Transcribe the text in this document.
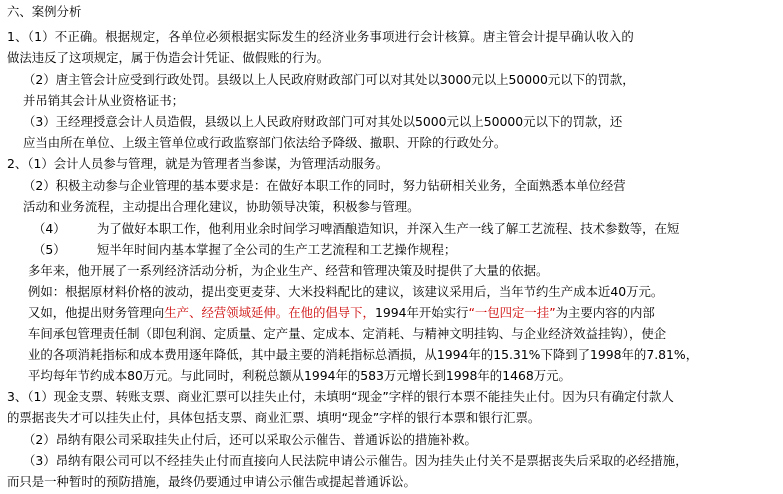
六、案例分析
1、（1）不正确。根据规定，各单位必须根据实际发生的经济业务事项进行会计核算。唐主管会计提早确认收入的
做法违反了这项规定，属于伪造会计凭证、做假账的行为。
（2）唐主管会计应受到行政处罚。县级以上人民政府财政部门可以对其处以3000元以上50000元以下的罚款，
并吊销其会计从业资格证书；
（3）王经理授意会计人员造假，县级以上人民政府财政部门可对其处以5000元以上50000元以下的罚款，还
应当由所在单位、上级主管单位或行政监察部门依法给予降级、撤职、开除的行政处分。
2、（1）会计人员参与管理，就是为管理者当参谋，为管理活动服务。
（2）积极主动参与企业管理的基本要求是：在做好本职工作的同时，努力钻研相关业务，全面熟悉本单位经营
活动和业务流程，主动提出合理化建议，协助领导决策，积极参与管理。
（4）	为了做好本职工作，他利用业余时间学习啤酒酿造知识，并深入生产一线了解工艺流程、技术参数等，在短
（5）	短半年时间内基本掌握了全公司的生产工艺流程和工艺操作规程；
多年来，他开展了一系列经济活动分析，为企业生产、经营和管理决策及时提供了大量的依据。
例如：根据原材料价格的波动，提出变更麦芽、大米投料配比的建议，该建议采用后，当年节约生产成本近40万元。
又如，他提出财务管理向生产、经营领域延伸。在他的倡导下，1994年开始实行“一包四定一挂”为主要内容的内部
车间承包管理责任制（即包利润、定质量、定产量、定成本、定消耗、与精神文明挂钩、与企业经济效益挂钩），使企
业的各项消耗指标和成本费用逐年降低，其中最主要的消耗指标总酒损，从1994年的15.31%下降到了1998年的7.81%，
平均每年节约成本80万元。与此同时，利税总额从1994年的583万元增长到1998年的1468万元。
3、（1）现金支票、转账支票、商业汇票可以挂失止付，未填明“现金”字样的银行本票不能挂失止付。因为只有确定付款人
的票据丧失才可以挂失止付，具体包括支票、商业汇票、填明“现金”字样的银行本票和银行汇票。
（2）昂纳有限公司采取挂失止付后，还可以采取公示催告、普通诉讼的措施补救。
（3）昂纳有限公司可以不经挂失止付而直接向人民法院申请公示催告。因为挂失止付关不是票据丧失后采取的必经措施，
而只是一种暂时的预防措施，最终仍要通过申请公示催告或提起普通诉讼。
